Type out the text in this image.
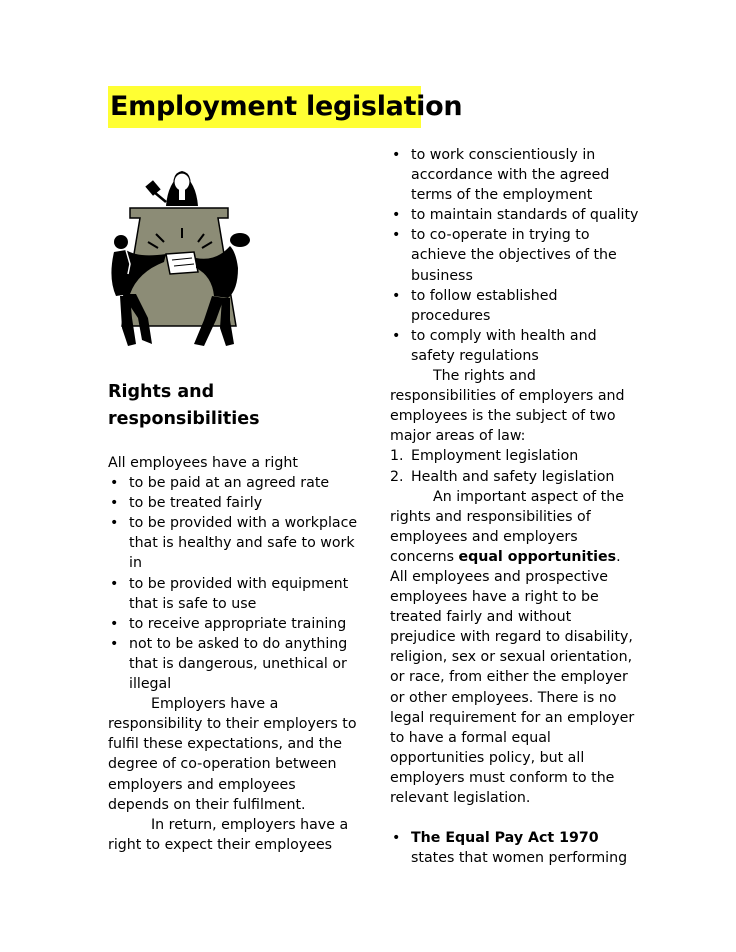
Employment legislation
Rights and responsibilities

All employees have a right

• to be paid at an agreed rate
• to be treated fairly
• to be provided with a workplace that is healthy and safe to work in
• to be provided with equipment that is safe to use
• to receive appropriate training
• not to be asked to do anything that is dangerous, unethical or illegal

Employers have a responsibility to their employers to fulfil these expectations, and the degree of co-operation between employers and employees depends on their fulfilment.

In return, employers have a right to expect their employees

• to work conscientiously in accordance with the agreed terms of the employment
• to maintain standards of quality
• to co-operate in trying to achieve the objectives of the business
• to follow established procedures
• to comply with health and safety regulations

The rights and responsibilities of employers and employees is the subject of two major areas of law:

1. Employment legislation
2. Health and safety legislation

An important aspect of the rights and responsibilities of employees and employers concerns equal opportunities. All employees and prospective employees have a right to be treated fairly and without prejudice with regard to disability, religion, sex or sexual orientation, or race, from either the employer or other employees. There is no legal requirement for an employer to have a formal equal opportunities policy, but all employers must conform to the relevant legislation.

• The Equal Pay Act 1970
states that women performing
